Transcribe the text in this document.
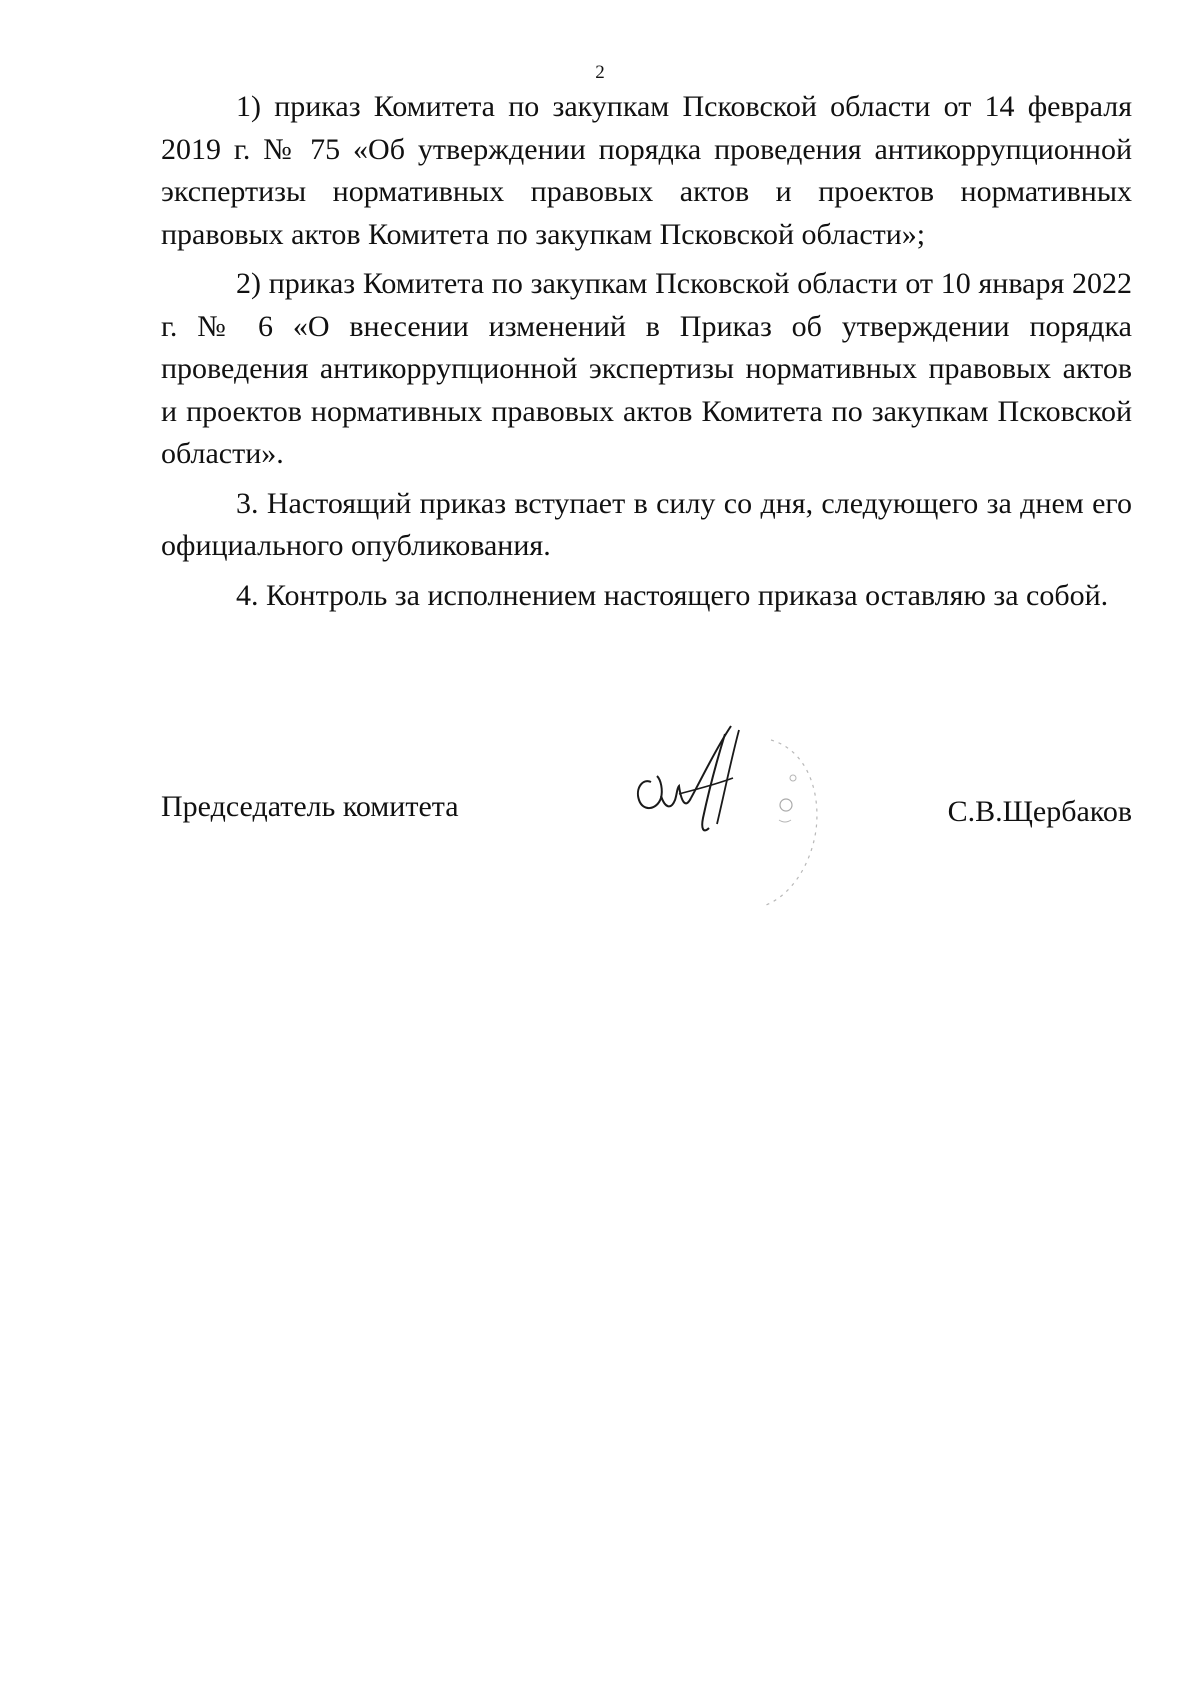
2

1) приказ Комитета по закупкам Псковской области от 14 февраля 2019 г. № 75 «Об утверждении порядка проведения антикоррупционной экспертизы нормативных правовых актов и проектов нормативных правовых актов Комитета по закупкам Псковской области»;

2) приказ Комитета по закупкам Псковской области от 10 января 2022 г. № 6 «О внесении изменений в Приказ об утверждении порядка проведения антикоррупционной экспертизы нормативных правовых актов и проектов нормативных правовых актов Комитета по закупкам Псковской области».

3. Настоящий приказ вступает в силу со дня, следующего за днем его официального опубликования.

4. Контроль за исполнением настоящего приказа оставляю за собой.

Председатель комитета	С.В.Щербаков
